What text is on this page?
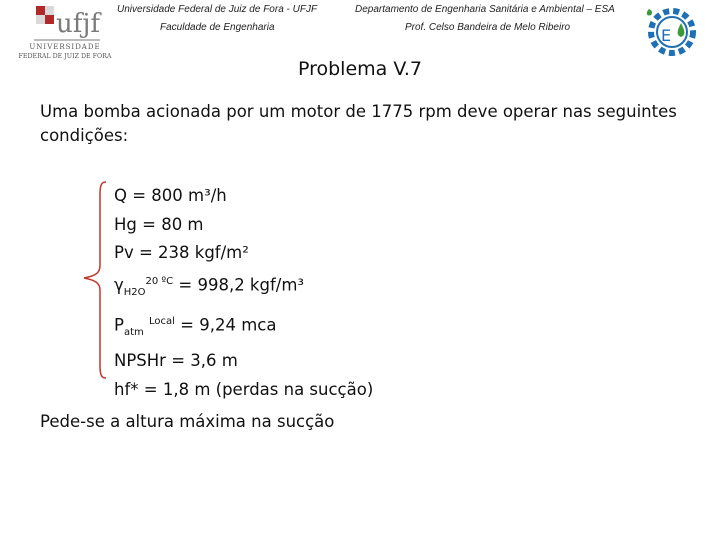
ufjf
UNIVERSIDADE
FEDERAL DE JUIZ DE FORA
Universidade Federal de Juiz de Fora - UFJF
Faculdade de Engenharia
Departamento de Engenharia Sanitária e Ambiental – ESA
Prof. Celso Bandeira de Melo Ribeiro	E
Problema V.7
Uma bomba acionada por um motor de 1775 rpm deve operar nas seguintes condições:
Q = 800 m³/h
Hg = 80 m
Pv = 238 kgf/m²
$\gamma_{H2O}^{20 ºC} = 998,2$ kgf/m³
$P_{atm}$ $^{Local}$ = 9,24 mca
NPSHr = 3,6 m
hf* = 1,8 m (perdas na sucção)
Pede-se a altura máxima na sucção
